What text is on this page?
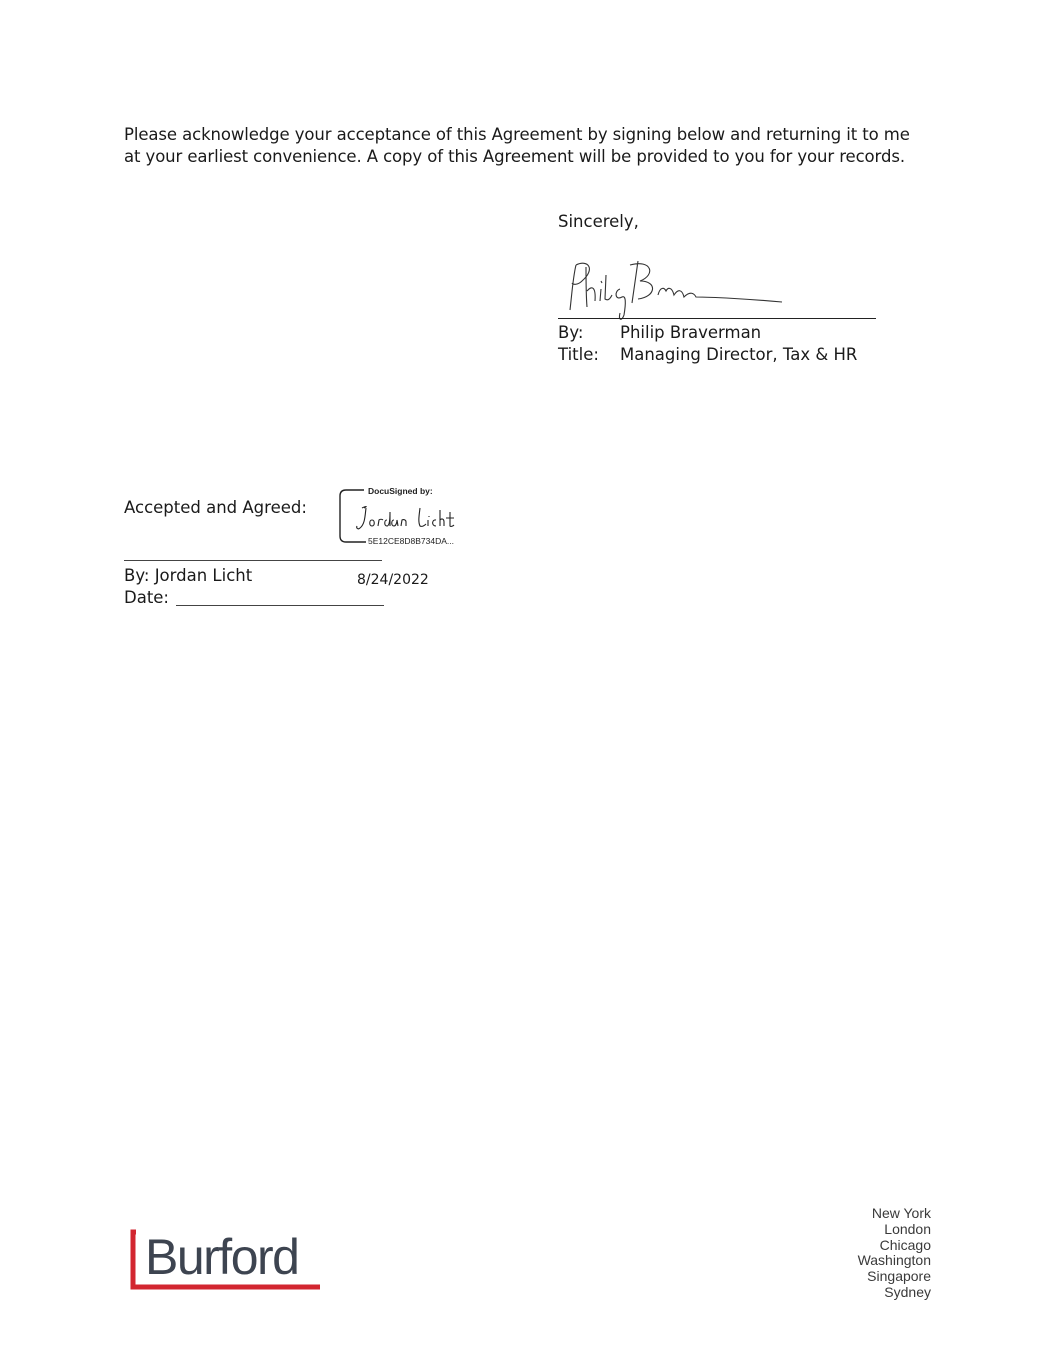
Please acknowledge your acceptance of this Agreement by signing below and returning it to me

at your earliest convenience. A copy of this Agreement will be provided to you for your records.

Sincerely,
By: Philip Braverman
Title: Managing Director, Tax & HR
Accepted and Agreed:
DocuSigned by:
5E12CE8D8B734DA...
By: Jordan Licht
Date:
8/24/2022
Burford
New York
London
Chicago
Washington
Singapore
Sydney
